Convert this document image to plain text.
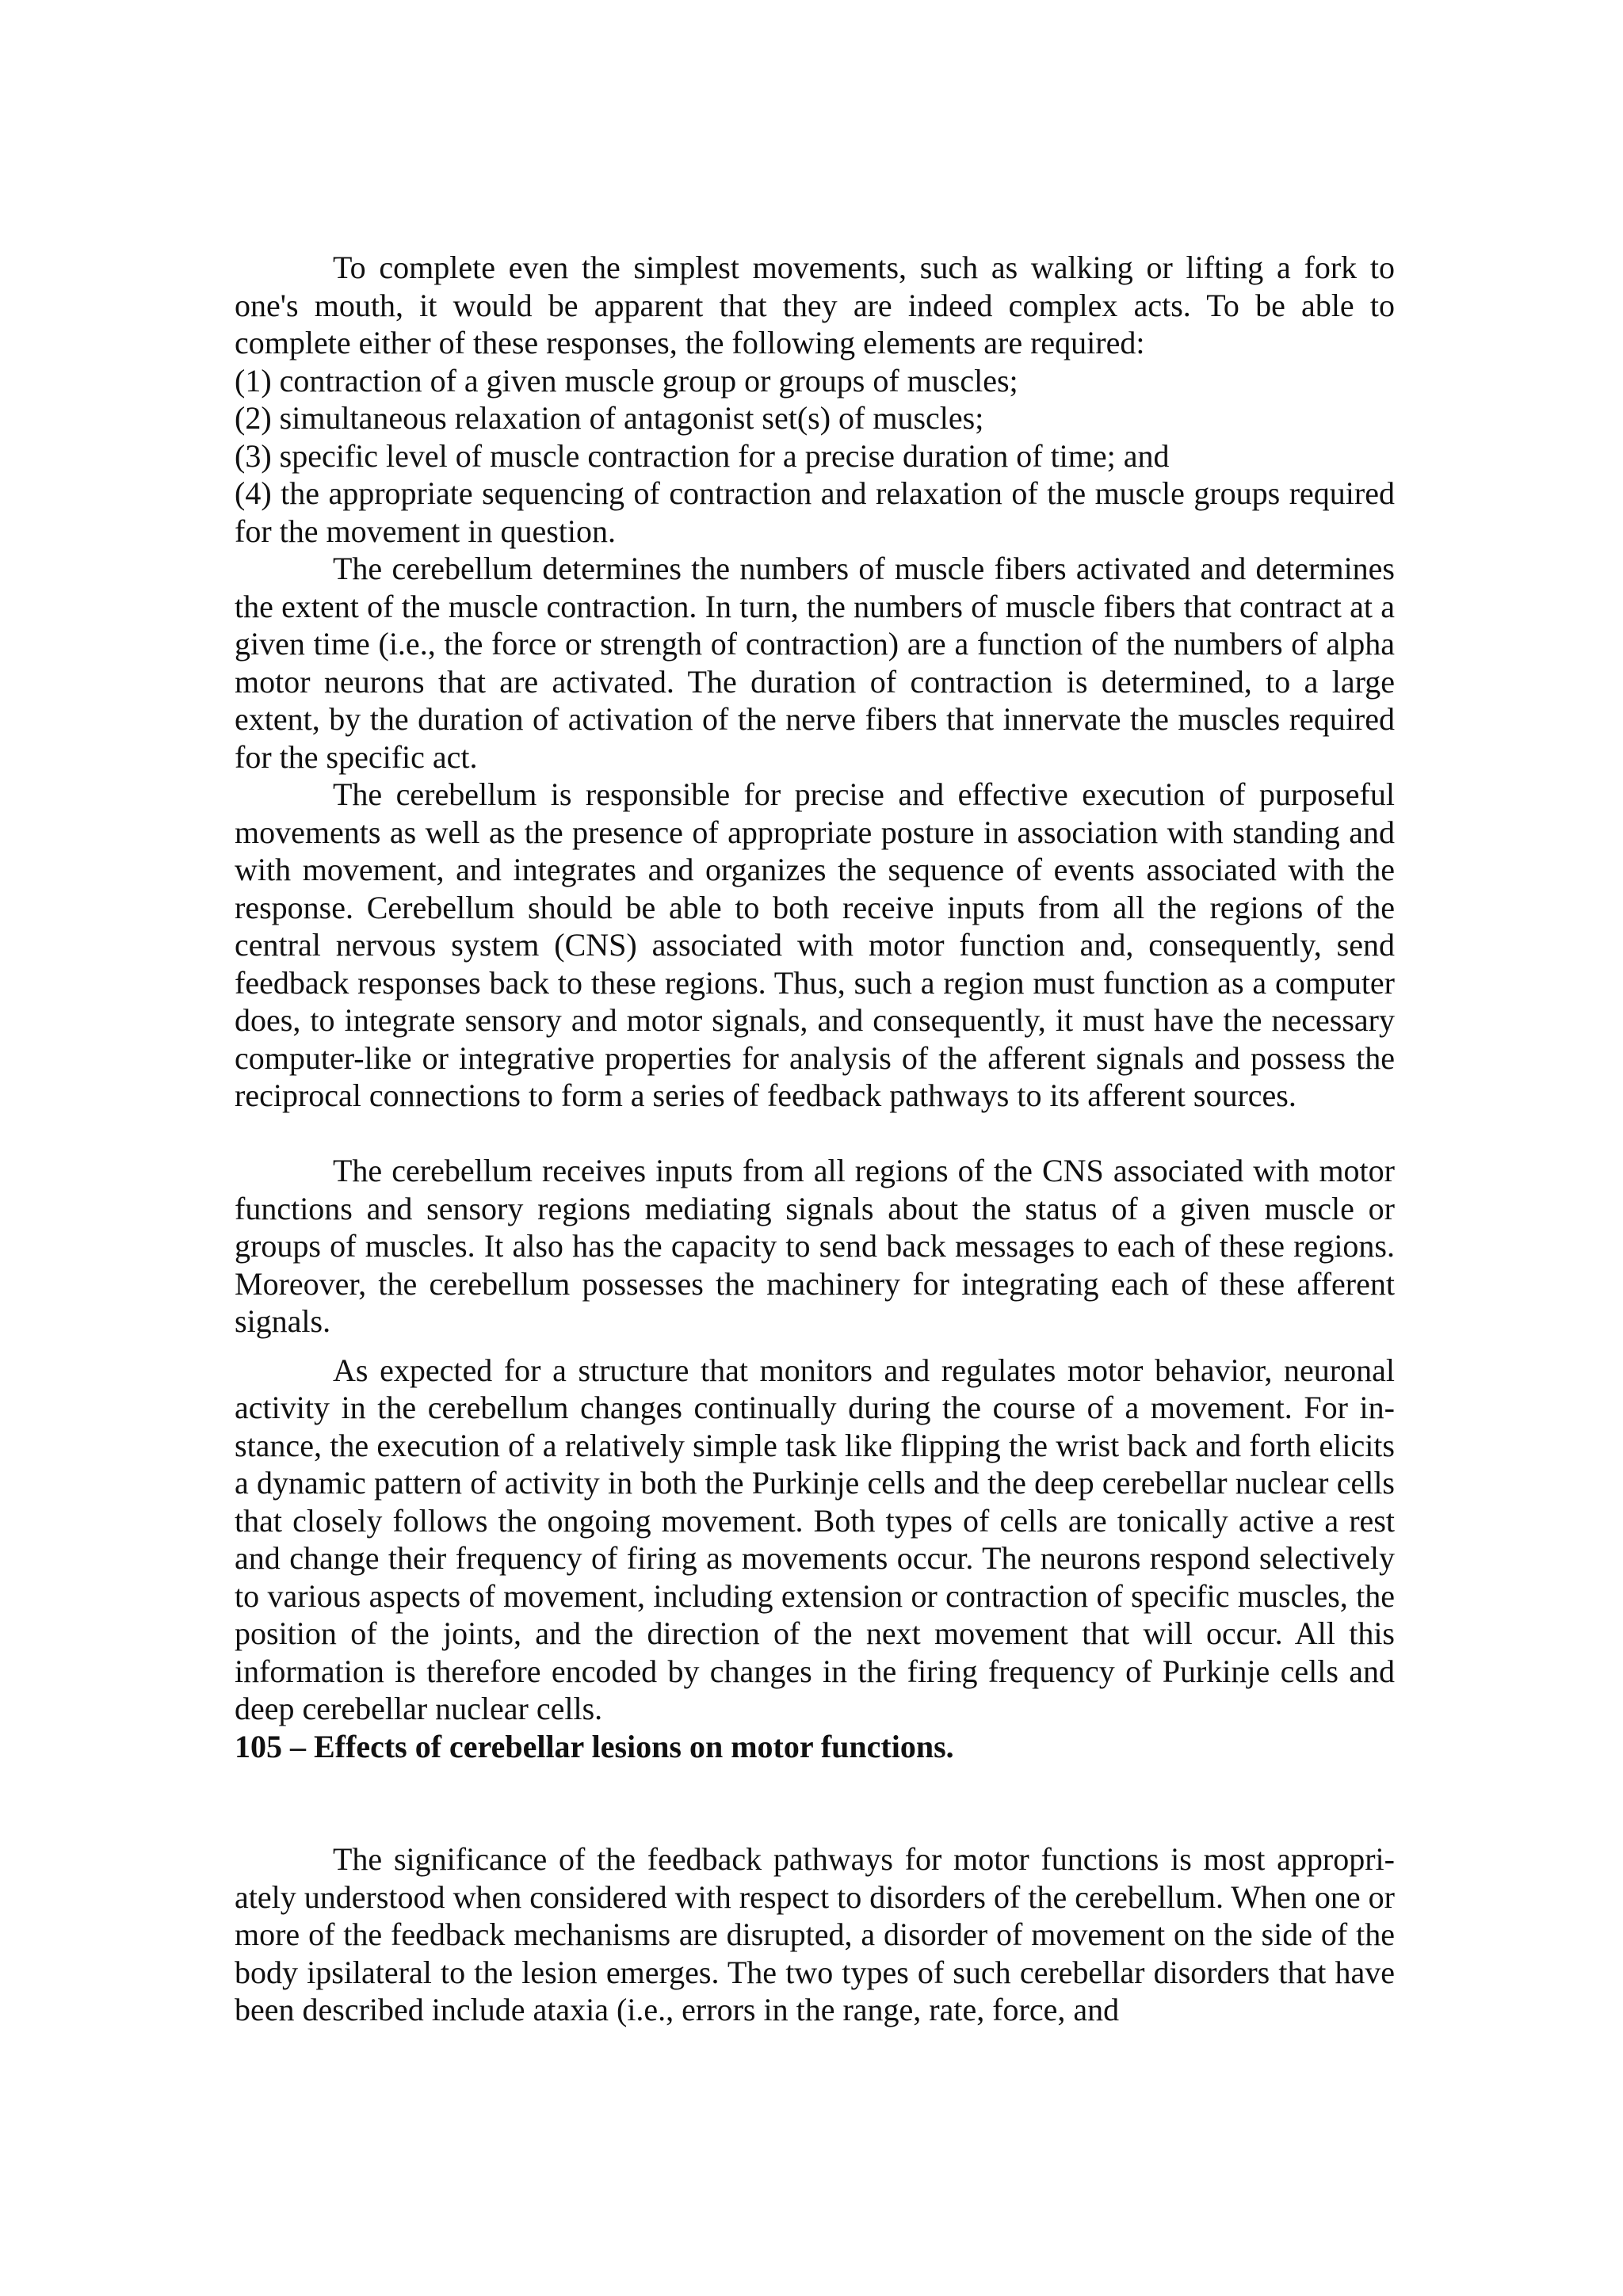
To complete even the simplest movements, such as walking or lifting a fork to one's mouth, it would be apparent that they are indeed complex acts. To be able to complete either of these responses, the following elements are required:

(1) contraction of a given muscle group or groups of muscles;

(2) simultaneous relaxation of antagonist set(s) of muscles;

(3) specific level of muscle contraction for a precise duration of time; and

(4) the appropriate sequencing of contraction and relaxation of the muscle groups required for the movement in question.

The cerebellum determines the numbers of muscle fibers activated and determines the extent of the muscle contraction. In turn, the numbers of muscle fibers that contract at a given time (i.e., the force or strength of contraction) are a function of the numbers of alpha motor neurons that are activated. The duration of contraction is determined, to a large extent, by the duration of activation of the nerve fibers that innervate the muscles required for the specific act.

The cerebellum is responsible for precise and effective execution of purposeful movements as well as the presence of appropriate posture in association with standing and with movement, and integrates and organizes the sequence of events associated with the response. Cerebellum should be able to both receive inputs from all the regions of the central nervous system (CNS) associated with motor function and, consequently, send feedback responses back to these regions. Thus, such a region must function as a computer does, to integrate sensory and motor signals, and consequently, it must have the necessary computer-like or integrative properties for analysis of the afferent signals and possess the reciprocal connections to form a series of feedback pathways to its afferent sources.

The cerebellum receives inputs from all regions of the CNS associated with motor functions and sensory regions mediating signals about the status of a given muscle or groups of muscles. It also has the capacity to send back messages to each of these regions. Moreover, the cerebellum possesses the machinery for integrating each of these afferent signals.

As expected for a structure that monitors and regulates motor behavior, neuronal activity in the cerebellum changes continually during the course of a movement. For instance, the execution of a relatively simple task like flipping the wrist back and forth elicits a dynamic pattern of activity in both the Purkinje cells and the deep cerebellar nuclear cells that closely follows the ongoing movement. Both types of cells are tonically active a rest and change their frequency of firing as movements occur. The neurons respond selectively to various aspects of movement, including extension or contraction of specific muscles, the position of the joints, and the direction of the next movement that will occur. All this information is therefore encoded by changes in the firing frequency of Purkinje cells and deep cerebellar nuclear cells.

105 – Effects of cerebellar lesions on motor functions.

The significance of the feedback pathways for motor functions is most appropriately understood when considered with respect to disorders of the cerebellum. When one or more of the feedback mechanisms are disrupted, a disorder of movement on the side of the body ipsilateral to the lesion emerges. The two types of such cerebellar disorders that have been described include ataxia (i.e., errors in the range, rate, force, and
